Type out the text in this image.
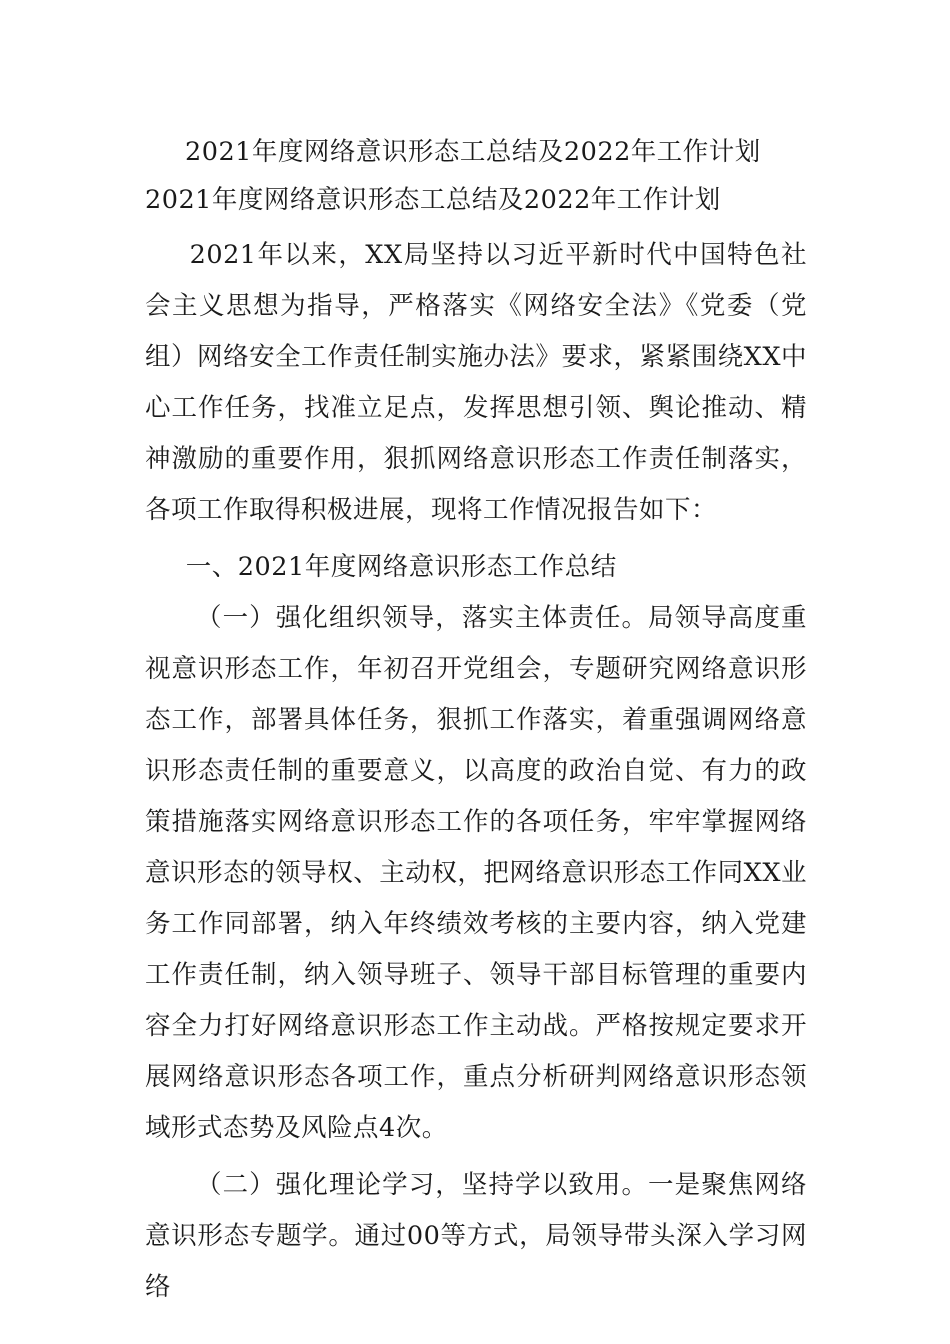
2021年度网络意识形态工总结及2022年工作计划
2021年度网络意识形态工总结及2022年工作计划

2021年以来，XX局坚持以习近平新时代中国特色社会主义思想为指导，严格落实《网络安全法》《党委（党组）网络安全工作责任制实施办法》要求，紧紧围绕XX中心工作任务，找准立足点，发挥思想引领、舆论推动、精神激励的重要作用，狠抓网络意识形态工作责任制落实，各项工作取得积极进展，现将工作情况报告如下：

一、2021年度网络意识形态工作总结

（一）强化组织领导，落实主体责任。局领导高度重视意识形态工作，年初召开党组会，专题研究网络意识形态工作，部署具体任务，狠抓工作落实，着重强调网络意识形态责任制的重要意义，以高度的政治自觉、有力的政策措施落实网络意识形态工作的各项任务，牢牢掌握网络意识形态的领导权、主动权，把网络意识形态工作同XX业务工作同部署，纳入年终绩效考核的主要内容，纳入党建工作责任制，纳入领导班子、领导干部目标管理的重要内容全力打好网络意识形态工作主动战。严格按规定要求开展网络意识形态各项工作，重点分析研判网络意识形态领域形式态势及风险点4次。

（二）强化理论学习，坚持学以致用。一是聚焦网络意识形态专题学。通过00等方式，局领导带头深入学习网络
